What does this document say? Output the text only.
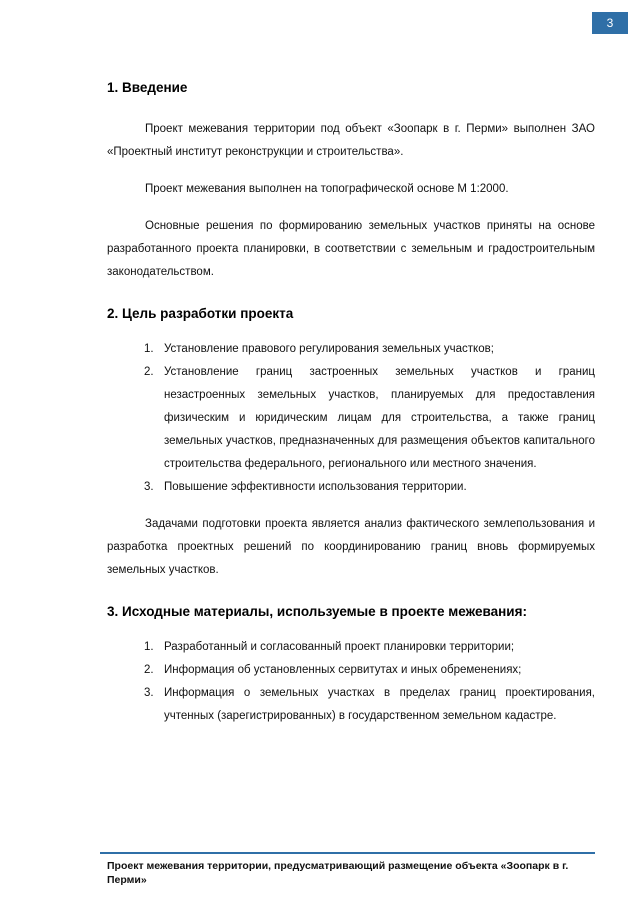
3
1. Введение

Проект межевания территории под объект «Зоопарк в г. Перми» выполнен ЗАО «Проектный институт реконструкции и строительства».

Проект межевания выполнен на топографической основе М 1:2000.

Основные решения по формированию земельных участков приняты на основе разработанного проекта планировки, в соответствии с земельным и градостроительным законодательством.

2. Цель разработки проекта
1. Установление правового регулирования земельных участков;
2. Установление границ застроенных земельных участков и границ незастроенных земельных участков, планируемых для предоставления физическим и юридическим лицам для строительства, а также границ земельных участков, предназначенных для размещения объектов капитального строительства федерального, регионального или местного значения.
3. Повышение эффективности использования территории.

Задачами подготовки проекта является анализ фактического землепользования и разработка проектных решений по координированию границ вновь формируемых земельных участков.

3. Исходные материалы, используемые в проекте межевания:
1. Разработанный и согласованный проект планировки территории;
2. Информация об установленных сервитутах и иных обременениях;
3. Информация о земельных участках в пределах границ проектирования, учтенных (зарегистрированных) в государственном земельном кадастре.
Проект межевания территории, предусматривающий размещение объекта «Зоопарк в г. Перми»
